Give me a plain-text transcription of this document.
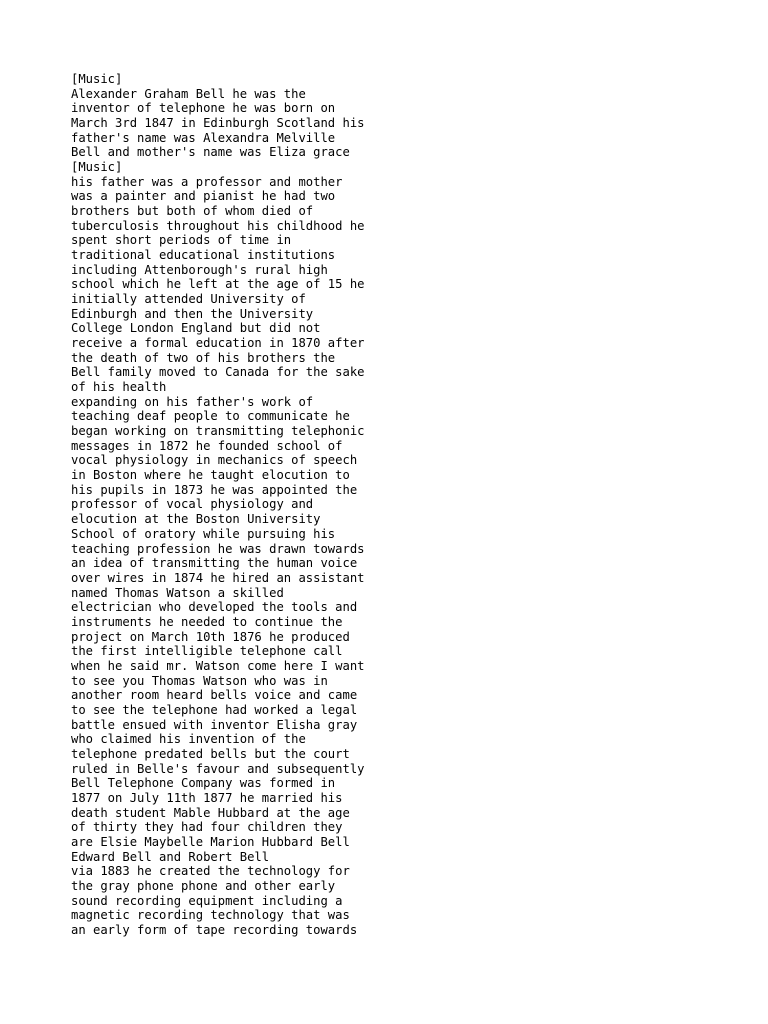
[Music]
Alexander Graham Bell he was the
inventor of telephone he was born on
March 3rd 1847 in Edinburgh Scotland his
father's name was Alexandra Melville
Bell and mother's name was Eliza grace
[Music]
his father was a professor and mother
was a painter and pianist he had two
brothers but both of whom died of
tuberculosis throughout his childhood he
spent short periods of time in
traditional educational institutions
including Attenborough's rural high
school which he left at the age of 15 he
initially attended University of
Edinburgh and then the University
College London England but did not
receive a formal education in 1870 after
the death of two of his brothers the
Bell family moved to Canada for the sake
of his health
expanding on his father's work of
teaching deaf people to communicate he
began working on transmitting telephonic
messages in 1872 he founded school of
vocal physiology in mechanics of speech
in Boston where he taught elocution to
his pupils in 1873 he was appointed the
professor of vocal physiology and
elocution at the Boston University
School of oratory while pursuing his
teaching profession he was drawn towards
an idea of transmitting the human voice
over wires in 1874 he hired an assistant
named Thomas Watson a skilled
electrician who developed the tools and
instruments he needed to continue the
project on March 10th 1876 he produced
the first intelligible telephone call
when he said mr. Watson come here I want
to see you Thomas Watson who was in
another room heard bells voice and came
to see the telephone had worked a legal
battle ensued with inventor Elisha gray
who claimed his invention of the
telephone predated bells but the court
ruled in Belle's favour and subsequently
Bell Telephone Company was formed in
1877 on July 11th 1877 he married his
death student Mable Hubbard at the age
of thirty they had four children they
are Elsie Maybelle Marion Hubbard Bell
Edward Bell and Robert Bell
via 1883 he created the technology for
the gray phone phone and other early
sound recording equipment including a
magnetic recording technology that was
an early form of tape recording towards
